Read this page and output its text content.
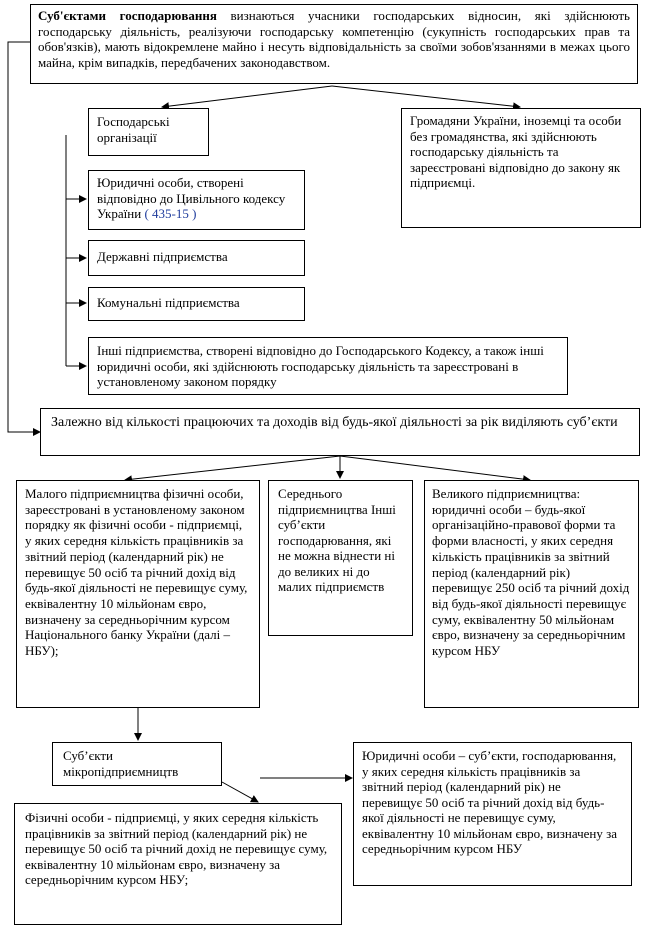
Суб'єктами господарювання визнаються учасники господарських відносин, які здійснюють господарську діяльність, реалізуючи господарську компетенцію (сукупність господарських прав та обов'язків), мають відокремлене майно і несуть відповідальність за своїми зобов'язаннями в межах цього майна, крім випадків, передбачених законодавством.
Господарські організації
Громадяни України, іноземці та особи без громадянства, які здійснюють господарську діяльність та зареєстровані відповідно до закону як підприємці.
Юридичні особи, створені відповідно до Цивільного кодексу України ( 435-15 )
Державні підприємства
Комунальні підприємства
Інші підприємства, створені відповідно до Господарського Кодексу, а також інші юридичні особи, які здійснюють господарську діяльність та зареєстровані в установленому законом порядку
Залежно від кількості працюючих та доходів від будь-якої діяльності за рік виділяють суб’єкти
Малого підприємництва фізичні особи, зареєстровані в установленому законом порядку як фізичні особи - підприємці, у яких середня кількість працівників за звітний період (календарний рік) не перевищує 50 осіб та річний дохід від будь-якої діяльності не перевищує суму, еквівалентну 10 мільйонам євро, визначену за середньорічним курсом Національного банку України (далі – НБУ);
Середнього підприємництва Інші суб’єкти господарювання, які не можна віднести ні до великих ні до малих підприємств
Великого підприємництва: юридичні особи – будь-якої організаційно-правової форми та форми власності, у яких середня кількість працівників за звітний період (календарний рік) перевищує 250 осіб та річний дохід від будь-якої діяльності перевищує суму, еквівалентну 50 мільйонам євро, визначену за середньорічним курсом НБУ
Суб’єкти мікропідприємництв
Фізичні особи - підприємці, у яких середня кількість працівників за звітний період (календарний рік) не перевищує 50 осіб та річний дохід не перевищує суму, еквівалентну 10 мільйонам євро, визначену за середньорічним курсом НБУ;
Юридичні особи – суб’єкти, господарювання, у яких середня кількість працівників за звітний період (календарний рік) не перевищує 50 осіб та річний дохід від будь-якої діяльності не перевищує суму, еквівалентну 10 мільйонам євро, визначену за середньорічним курсом НБУ
